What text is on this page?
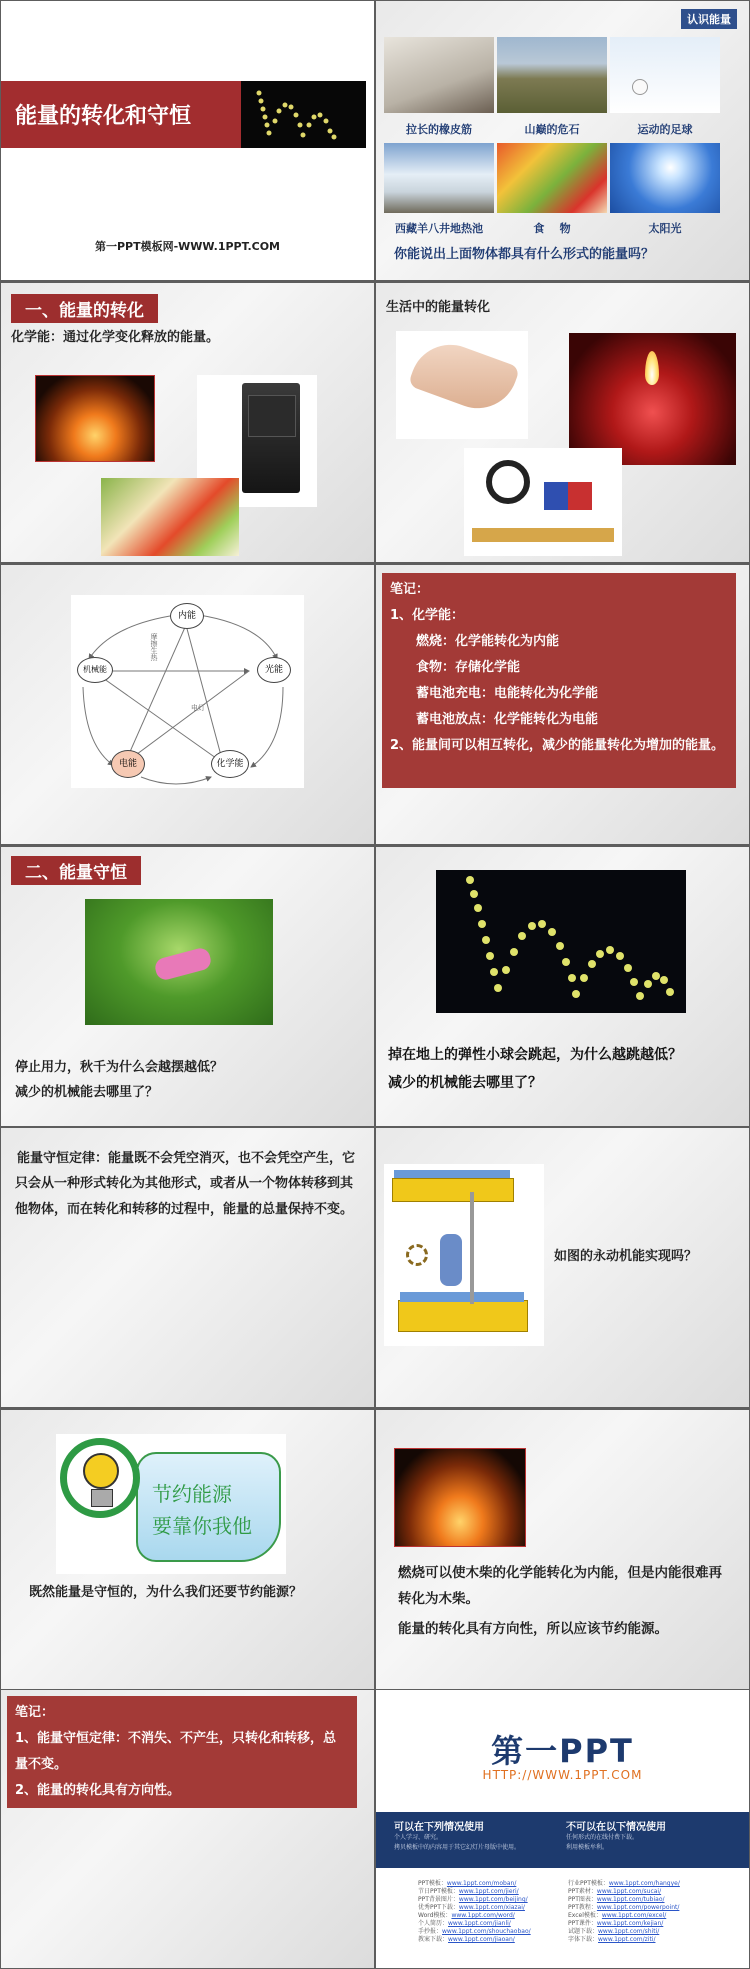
能量的转化和守恒
第一PPT模板网-WWW.1PPT.COM
认识能量
拉长的橡皮筋	山巅的危石	运动的足球
西藏羊八井地热池	食    物	太阳光
你能说出上面物体都具有什么形式的能量吗？
一、能量的转化
化学能：通过化学变化释放的能量。
生活中的能量转化
内能
光能
化学能
电能
机械能
摩擦生热
电灯
笔记：
1、化学能：
燃烧：化学能转化为内能
食物：存储化学能
蓄电池充电：电能转化为化学能
蓄电池放点：化学能转化为电能
2、能量间可以相互转化，减少的能量转化为增加的能量。
二、能量守恒
停止用力，秋千为什么会越摆越低？
减少的机械能去哪里了？
掉在地上的弹性小球会跳起，为什么越跳越低？
减少的机械能去哪里了？
能量守恒定律：能量既不会凭空消灭，也不会凭空产生，它只会从一种形式转化为其他形式，或者从一个物体转移到其他物体，而在转化和转移的过程中，能量的总量保持不变。
如图的永动机能实现吗？
节约能源
要靠你我他
既然能量是守恒的，为什么我们还要节约能源？
燃烧可以使木柴的化学能转化为内能，但是内能很难再转化为木柴。
能量的转化具有方向性，所以应该节约能源。
笔记：
1、能量守恒定律：不消失、不产生，只转化和转移，总量不变。
2、能量的转化具有方向性。
第一PPT
HTTP://WWW.1PPT.COM
可以在下列情况使用
个人学习、研究。
拷贝模板中的内容用于其它幻灯片母版中使用。
不可以在以下情况使用
任何形式的在线付费下载。
利用模板牟利。
PPT模板：www.1ppt.com/moban/
节日PPT模板：www.1ppt.com/jieri/
PPT背景图片：www.1ppt.com/beijing/
优秀PPT下载：www.1ppt.com/xiazai/
Word模板：www.1ppt.com/word/
个人简历：www.1ppt.com/jianli/
手抄报：www.1ppt.com/shouchaobao/
教案下载：www.1ppt.com/jiaoan/
行业PPT模板：www.1ppt.com/hangye/
PPT素材：www.1ppt.com/sucai/
PPT图表：www.1ppt.com/tubiao/
PPT教程：www.1ppt.com/powerpoint/
Excel模板：www.1ppt.com/excel/
PPT课件：www.1ppt.com/kejian/
试题下载：www.1ppt.com/shiti/
字体下载：www.1ppt.com/ziti/
